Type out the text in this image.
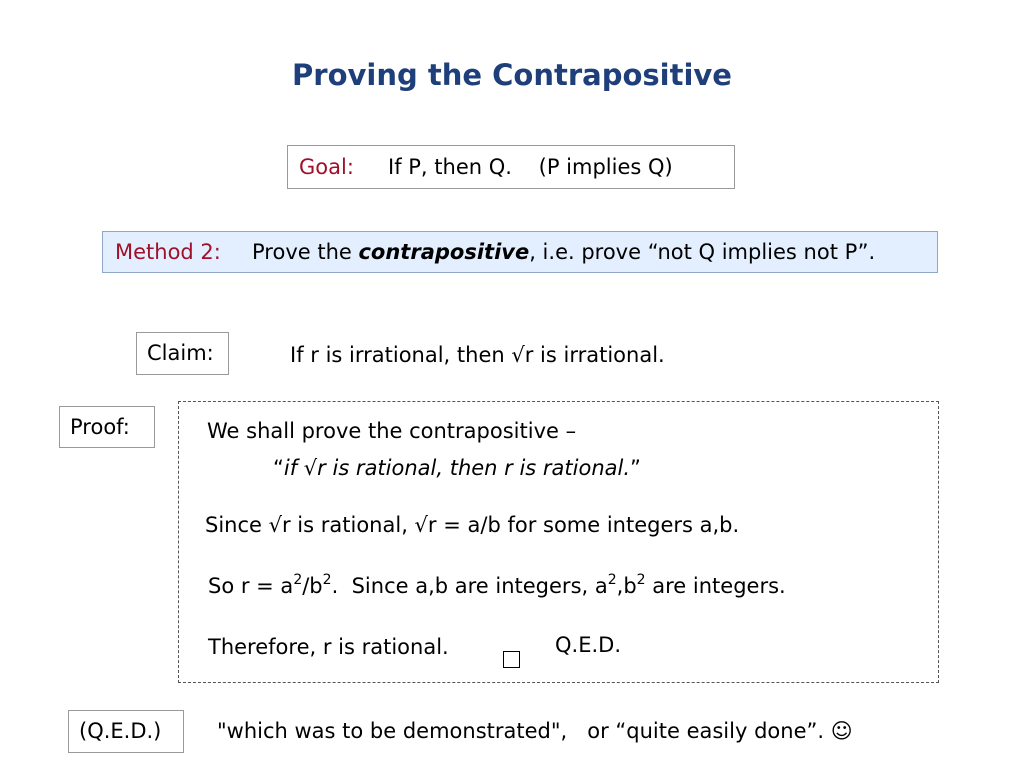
Proving the Contrapositive
Goal: If P, then Q.    (P implies Q)
Method 2: Prove the contrapositive, i.e. prove “not Q implies not P”.
Claim:	If r is irrational, then √r is irrational.
Proof:	We shall prove the contrapositive –
“if √r is rational, then r is rational.”
Since √r is rational, √r = a/b for some integers a,b.
So $r = a^2/b^2$.  Since a,b are integers, $a^2,b^2$ are integers.
Therefore, r is rational.	Q.E.D.
(Q.E.D.)	"which was to be demonstrated",   or “quite easily done”. ☺
